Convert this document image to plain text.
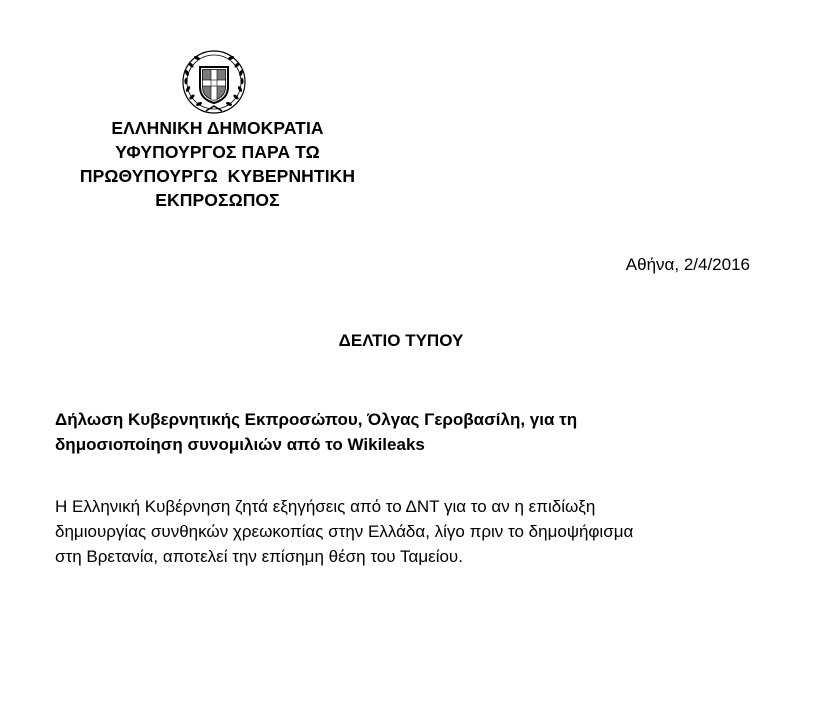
ΕΛΛΗΝΙΚΗ ΔΗΜΟΚΡΑΤΙΑ
ΥΦΥΠΟΥΡΓΟΣ ΠΑΡΑ ΤΩ
ΠΡΩΘΥΠΟΥΡΓΩ  ΚΥΒΕΡΝΗΤΙΚΗ
ΕΚΠΡΟΣΩΠΟΣ
Αθήνα, 2/4/2016
ΔΕΛΤΙΟ ΤΥΠΟΥ
Δήλωση Κυβερνητικής Εκπροσώπου, Όλγας Γεροβασίλη, για τη
δημοσιοποίηση συνομιλιών από το Wikileaks
Η Ελληνική Κυβέρνηση ζητά εξηγήσεις από το ΔΝΤ για το αν η επιδίωξη
δημιουργίας συνθηκών χρεωκοπίας στην Ελλάδα, λίγο πριν το δημοψήφισμα
στη Βρετανία, αποτελεί την επίσημη θέση του Ταμείου.
